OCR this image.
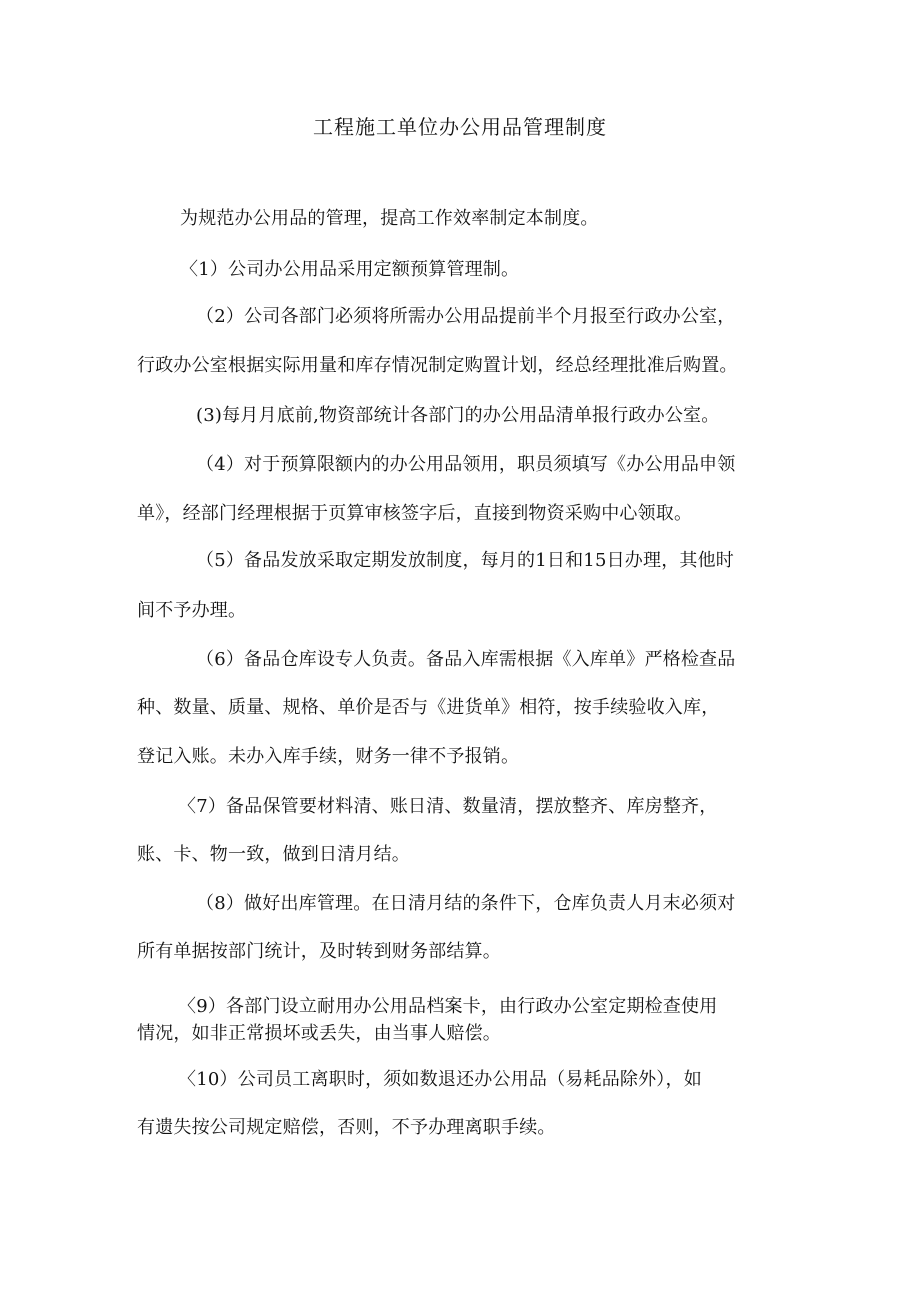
工程施工单位办公用品管理制度
为规范办公用品的管理，提高工作效率制定本制度。
〈1）公司办公用品采用定额预算管理制。
（2）公司各部门必须将所需办公用品提前半个月报至行政办公室，
行政办公室根据实际用量和库存情况制定购置计划，经总经理批准后购置。
(3)每月月底前,物资部统计各部门的办公用品清单报行政办公室。
（4）对于预算限额内的办公用品领用，职员须填写《办公用品申领
单》，经部门经理根据于页算审核签字后，直接到物资采购中心领取。
（5）备品发放采取定期发放制度，每月的1日和15日办理，其他时
间不予办理。
（6）备品仓库设专人负责。备品入库需根据《入库单》严格检查品
种、数量、质量、规格、单价是否与《进货单》相符，按手续验收入库，
登记入账。未办入库手续，财务一律不予报销。
〈7）备品保管要材料清、账日清、数量清，摆放整齐、库房整齐，
账、卡、物一致，做到日清月结。
（8）做好出库管理。在日清月结的条件下，仓库负责人月末必须对
所有单据按部门统计，及时转到财务部结算。
〈9）各部门设立耐用办公用品档案卡，由行政办公室定期检查使用
情况，如非正常损坏或丢失，由当事人赔偿。
〈10）公司员工离职时，须如数退还办公用品（易耗品除外），如
有遗失按公司规定赔偿，否则，不予办理离职手续。
